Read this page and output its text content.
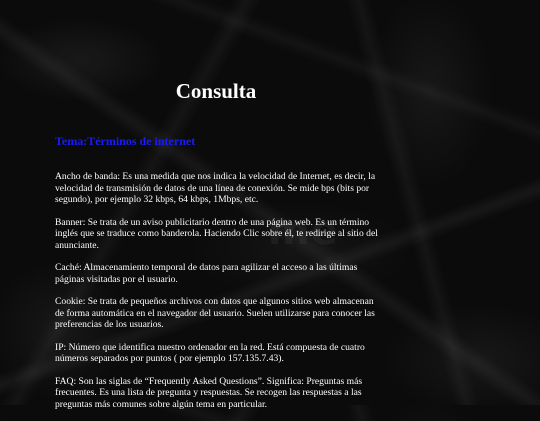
me
Consulta
Tema:Términos de internet

Ancho de banda: Es una medida que nos indica la velocidad de Internet, es decir, la velocidad de transmisión de datos de una línea de conexión. Se mide bps (bits por segundo), por ejemplo 32 kbps, 64 kbps, 1Mbps, etc.

Banner: Se trata de un aviso publicitario dentro de una página web. Es un término inglés que se traduce como banderola. Haciendo Clic sobre él, te redirige al sitio del anunciante.

Caché: Almacenamiento temporal de datos para agilizar el acceso a las últimas páginas visitadas por el usuario.

Cookie: Se trata de pequeños archivos con datos que algunos sitios web almacenan de forma automática en el navegador del usuario. Suelen utilizarse para conocer las preferencias de los usuarios.

IP: Número que identifica nuestro ordenador en la red. Está compuesta de cuatro números separados por puntos ( por ejemplo 157.135.7.43).

FAQ: Son las siglas de “Frequently Asked Questions”. Significa: Preguntas más frecuentes. Es una lista de pregunta y respuestas. Se recogen las respuestas a las preguntas más comunes sobre algún tema en particular.
